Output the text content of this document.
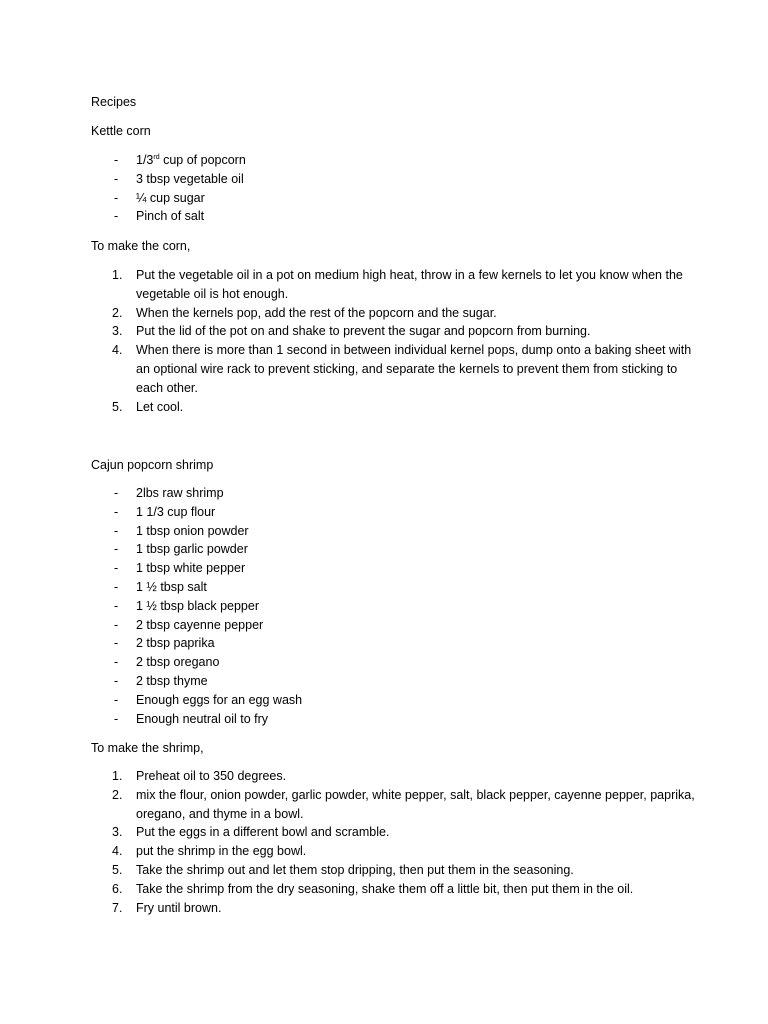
Recipes
Kettle corn
- 1/3rd cup of popcorn
- 3 tbsp vegetable oil
- ¼ cup sugar
- Pinch of salt
To make the corn,
1. Put the vegetable oil in a pot on medium high heat, throw in a few kernels to let you know when the vegetable oil is hot enough.
2. When the kernels pop, add the rest of the popcorn and the sugar.
3. Put the lid of the pot on and shake to prevent the sugar and popcorn from burning.
4. When there is more than 1 second in between individual kernel pops, dump onto a baking sheet with an optional wire rack to prevent sticking, and separate the kernels to prevent them from sticking to each other.
5. Let cool.
Cajun popcorn shrimp
- 2lbs raw shrimp
- 1 1/3 cup flour
- 1 tbsp onion powder
- 1 tbsp garlic powder
- 1 tbsp white pepper
- 1 ½ tbsp salt
- 1 ½ tbsp black pepper
- 2 tbsp cayenne pepper
- 2 tbsp paprika
- 2 tbsp oregano
- 2 tbsp thyme
- Enough eggs for an egg wash
- Enough neutral oil to fry
To make the shrimp,
1. Preheat oil to 350 degrees.
2. mix the flour, onion powder, garlic powder, white pepper, salt, black pepper, cayenne pepper, paprika, oregano, and thyme in a bowl.
3. Put the eggs in a different bowl and scramble.
4. put the shrimp in the egg bowl.
5. Take the shrimp out and let them stop dripping, then put them in the seasoning.
6. Take the shrimp from the dry seasoning, shake them off a little bit, then put them in the oil.
7. Fry until brown.
